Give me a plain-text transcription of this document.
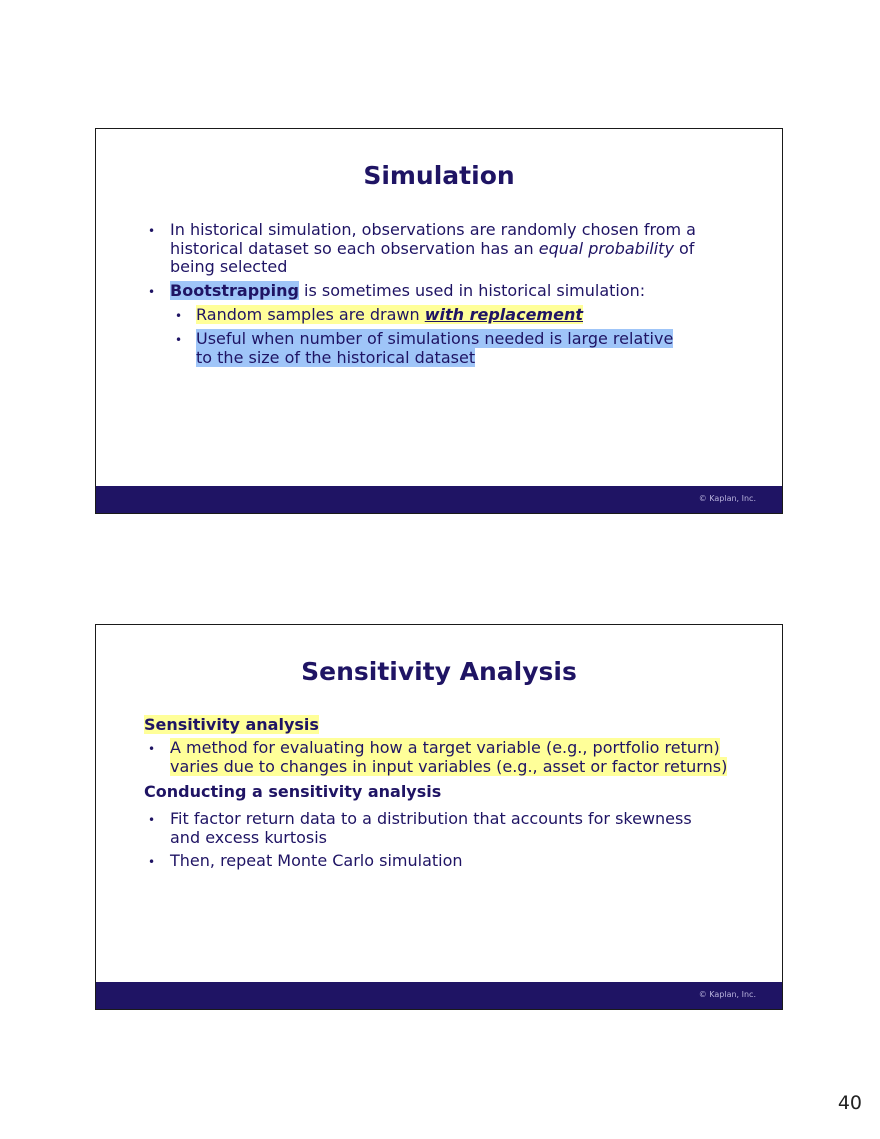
Simulation
• In historical simulation, observations are randomly chosen from a
historical dataset so each observation has an equal probability of
being selected
• Bootstrapping is sometimes used in historical simulation:
• Random samples are drawn with replacement
• Useful when number of simulations needed is large relative
to the size of the historical dataset
© Kaplan, Inc.
Sensitivity Analysis
Sensitivity analysis
• A method for evaluating how a target variable (e.g., portfolio return)
varies due to changes in input variables (e.g., asset or factor returns)
Conducting a sensitivity analysis
• Fit factor return data to a distribution that accounts for skewness
and excess kurtosis
• Then, repeat Monte Carlo simulation
© Kaplan, Inc.
40
